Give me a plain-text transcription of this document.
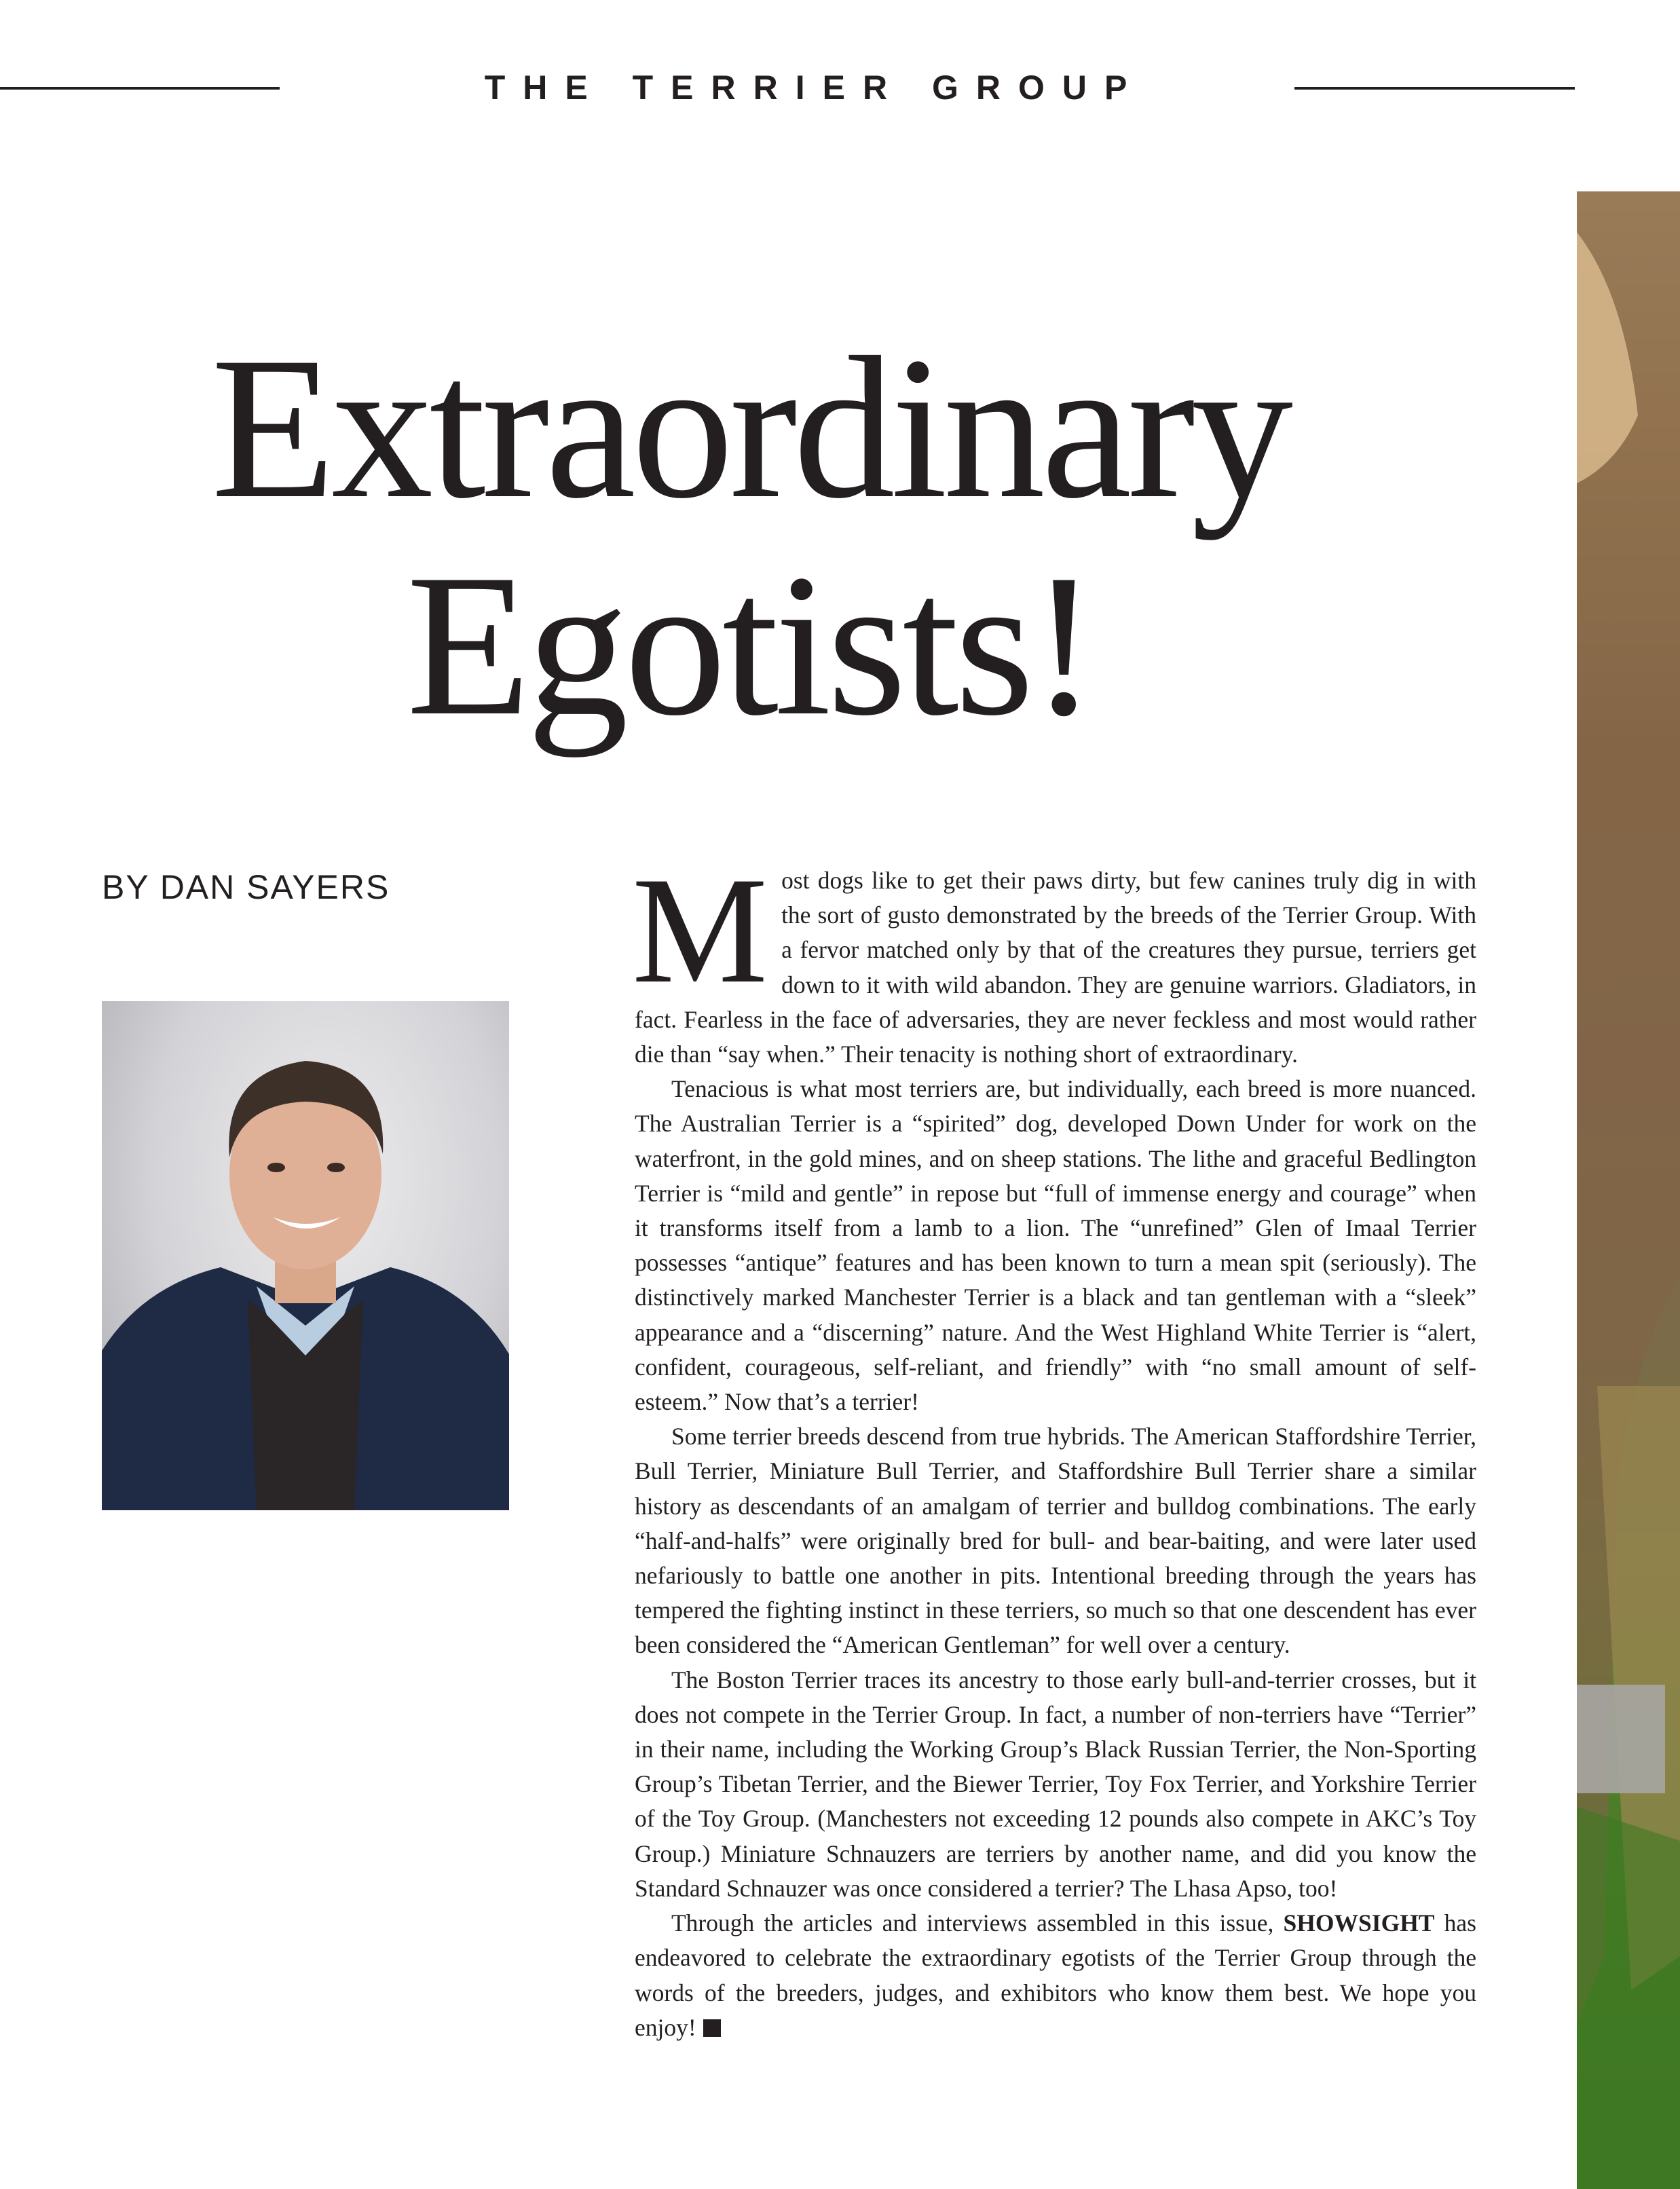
THE TERRIER GROUP
Extraordinary
Egotists!
BY DAN SAYERS Most dogs like to get their paws dirty, but few canines truly dig in with the sort of gusto demonstrated by the breeds of the Terrier Group. With a fervor matched only by that of the creatures they pursue, terriers get down to it with wild abandon. They are genuine warriors. Gladiators, in fact. Fearless in the face of adversaries, they are never feckless and most would rather die than “say when.” Their tenacity is nothing short of extraordinary.

Tenacious is what most terriers are, but individually, each breed is more nuanced. The Australian Terrier is a “spirited” dog, developed Down Under for work on the waterfront, in the gold mines, and on sheep stations. The lithe and graceful Bedlington Terrier is “mild and gentle” in repose but “full of immense energy and courage” when it transforms itself from a lamb to a lion. The “unrefined” Glen of Imaal Terrier possesses “antique” features and has been known to turn a mean spit (seriously). The distinctively marked Manchester Terrier is a black and tan gentleman with a “sleek” appearance and a “discerning” nature. And the West Highland White Terrier is “alert, confident, courageous, self-reliant, and friendly” with “no small amount of self-esteem.” Now that’s a terrier!

Some terrier breeds descend from true hybrids. The American Staffordshire Terrier, Bull Terrier, Miniature Bull Terrier, and Staffordshire Bull Terrier share a similar history as descendants of an amalgam of terrier and bulldog combinations. The early “half-and-halfs” were originally bred for bull- and bear-baiting, and were later used nefariously to battle one another in pits. Intentional breeding through the years has tempered the fighting instinct in these terriers, so much so that one descendent has ever been considered the “American Gentleman” for well over a century.

The Boston Terrier traces its ancestry to those early bull-and-terrier crosses, but it does not compete in the Terrier Group. In fact, a number of non-terriers have “Terrier” in their name, including the Working Group’s Black Russian Terrier, the Non-Sporting Group’s Tibetan Terrier, and the Biewer Terrier, Toy Fox Terrier, and Yorkshire Terrier of the Toy Group. (Manchesters not exceeding 12 pounds also compete in AKC’s Toy Group.) Miniature Schnauzers are terriers by another name, and did you know the Standard Schnauzer was once considered a terrier? The Lhasa Apso, too!

Through the articles and interviews assembled in this issue, SHOWSIGHT has endeavored to celebrate the extraordinary egotists of the Terrier Group through the words of the breeders, judges, and exhibitors who know them best. We hope you enjoy!
